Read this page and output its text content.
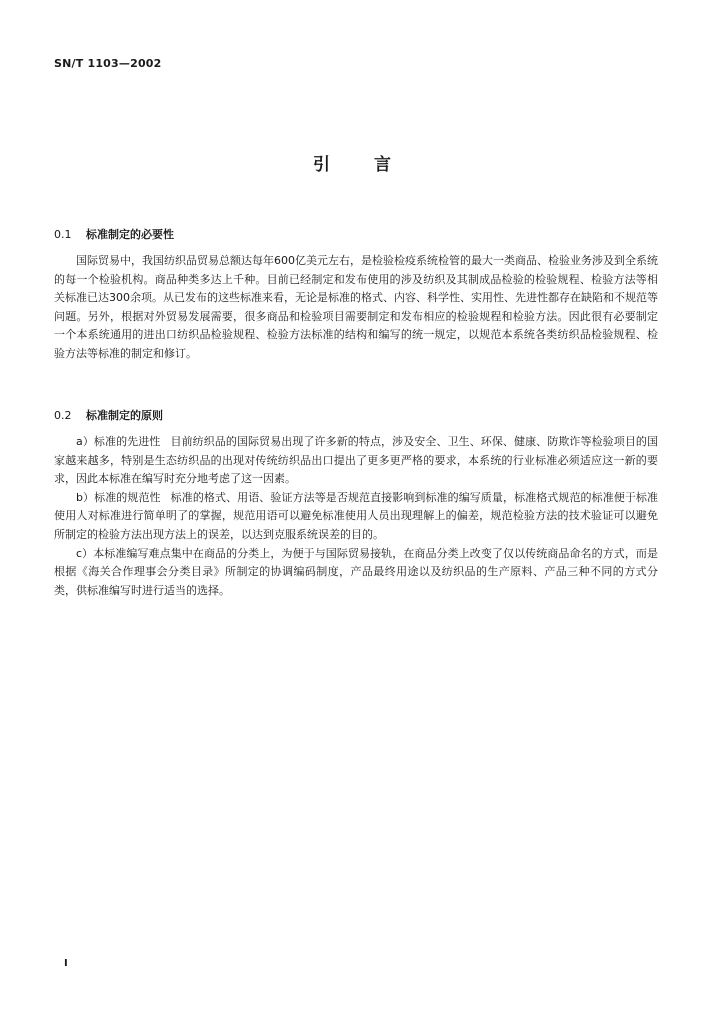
SN/T 1103—2002
引言
0.1 标准制定的必要性

国际贸易中，我国纺织品贸易总额达每年600亿美元左右，是检验检疫系统检管的最大一类商品、检验业务涉及到全系统的每一个检验机构。商品种类多达上千种。目前已经制定和发布使用的涉及纺织及其制成品检验的检验规程、检验方法等相关标准已达300余项。从已发布的这些标准来看，无论是标准的格式、内容、科学性、实用性、先进性都存在缺陷和不规范等问题。另外，根据对外贸易发展需要，很多商品和检验项目需要制定和发布相应的检验规程和检验方法。因此很有必要制定一个本系统通用的进出口纺织品检验规程、检验方法标准的结构和编写的统一规定，以规范本系统各类纺织品检验规程、检验方法等标准的制定和修订。

0.2 标准制定的原则

a）标准的先进性 目前纺织品的国际贸易出现了许多新的特点，涉及安全、卫生、环保、健康、防欺诈等检验项目的国家越来越多，特别是生态纺织品的出现对传统纺织品出口提出了更多更严格的要求，本系统的行业标准必须适应这一新的要求，因此本标准在编写时充分地考虑了这一因素。

b）标准的规范性 标准的格式、用语、验证方法等是否规范直接影响到标准的编写质量，标准格式规范的标准便于标准使用人对标准进行简单明了的掌握，规范用语可以避免标准使用人员出现理解上的偏差，规范检验方法的技术验证可以避免所制定的检验方法出现方法上的误差，以达到克服系统误差的目的。

c）本标准编写难点集中在商品的分类上，为便于与国际贸易接轨，在商品分类上改变了仅以传统商品命名的方式，而是根据《海关合作理事会分类目录》所制定的协调编码制度，产品最终用途以及纺织品的生产原料、产品三种不同的方式分类，供标准编写时进行适当的选择。

I
